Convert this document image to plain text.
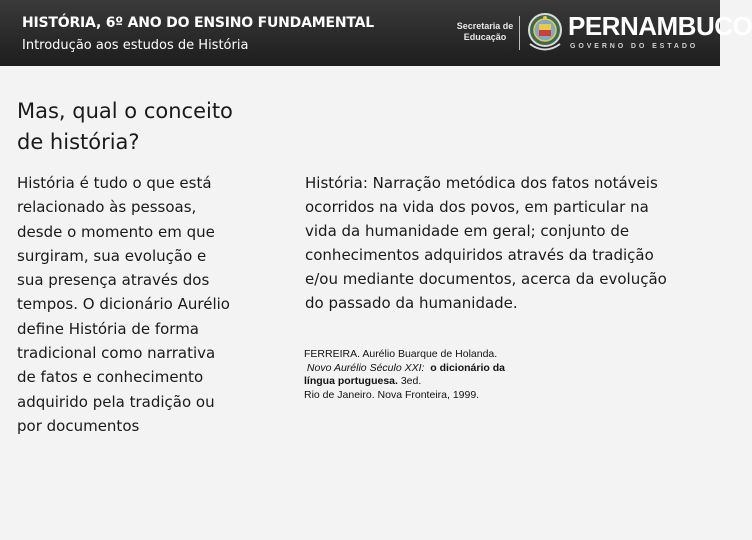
HISTÓRIA, 6º ANO DO ENSINO FUNDAMENTAL
Introdução aos estudos de História
Secretaria de
Educação	PERNAMBUCO
GOVERNO DO ESTADO
Mas, qual o conceito
de história?
História é tudo o que está relacionado às pessoas, desde o momento em que surgiram, sua evolução e sua presença através dos tempos. O dicionário Aurélio define História de forma tradicional como narrativa de fatos e conhecimento adquirido pela tradição ou por documentos
História: Narração metódica dos fatos notáveis ocorridos na vida dos povos, em particular na vida da humanidade em geral; conjunto de conhecimentos adquiridos através da tradição e/ou mediante documentos, acerca da evolução do passado da humanidade.
FERREIRA. Aurélio Buarque de Holanda.
Novo Aurélio Século XXI: o dicionário da
língua portuguesa. 3ed.
Rio de Janeiro. Nova Fronteira, 1999.
